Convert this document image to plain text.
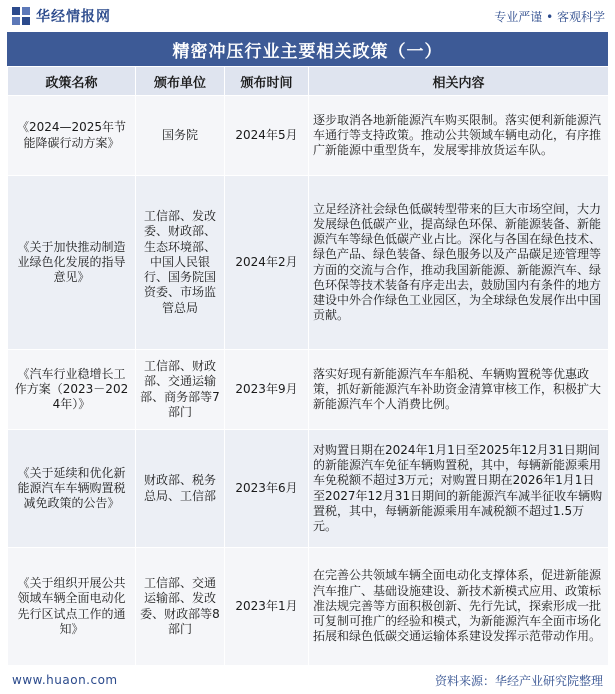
华经情报网	专业严谨 • 客观科学
精密冲压行业主要相关政策（一）
政策名称	颁布单位	颁布时间	相关内容
《2024—2025年节能降碳行动方案》	国务院	2024年5月	逐步取消各地新能源汽车购买限制。落实便利新能源汽车通行等支持政策。推动公共领域车辆电动化，有序推广新能源中重型货车，发展零排放货运车队。
《关于加快推动制造业绿色化发展的指导意见》	工信部、发改委、财政部、生态环境部、中国人民银行、国务院国资委、市场监管总局	2024年2月	立足经济社会绿色低碳转型带来的巨大市场空间，大力发展绿色低碳产业，提高绿色环保、新能源装备、新能源汽车等绿色低碳产业占比。深化与各国在绿色技术、绿色产品、绿色装备、绿色服务以及产品碳足迹管理等方面的交流与合作，推动我国新能源、新能源汽车、绿色环保等技术装备有序走出去，鼓励国内有条件的地方建设中外合作绿色工业园区，为全球绿色发展作出中国贡献。
《汽车行业稳增长工作方案（2023－2024年）》	工信部、财政部、交通运输部、商务部等7部门	2023年9月	落实好现有新能源汽车车船税、车辆购置税等优惠政策，抓好新能源汽车补助资金清算审核工作，积极扩大新能源汽车个人消费比例。
《关于延续和优化新能源汽车车辆购置税减免政策的公告》	财政部、税务总局、工信部	2023年6月	对购置日期在2024年1月1日至2025年12月31日期间的新能源汽车免征车辆购置税，其中，每辆新能源乘用车免税额不超过3万元；对购置日期在2026年1月1日至2027年12月31日期间的新能源汽车减半征收车辆购置税，其中，每辆新能源乘用车减税额不超过1.5万元。
《关于组织开展公共领域车辆全面电动化先行区试点工作的通知》	工信部、交通运输部、发改委、财政部等8部门	2023年1月	在完善公共领域车辆全面电动化支撑体系，促进新能源汽车推广、基础设施建设、新技术新模式应用、政策标准法规完善等方面积极创新、先行先试，探索形成一批可复制可推广的经验和模式，为新能源汽车全面市场化拓展和绿色低碳交通运输体系建设发挥示范带动作用。
www.huaon.com	资料来源：华经产业研究院整理
